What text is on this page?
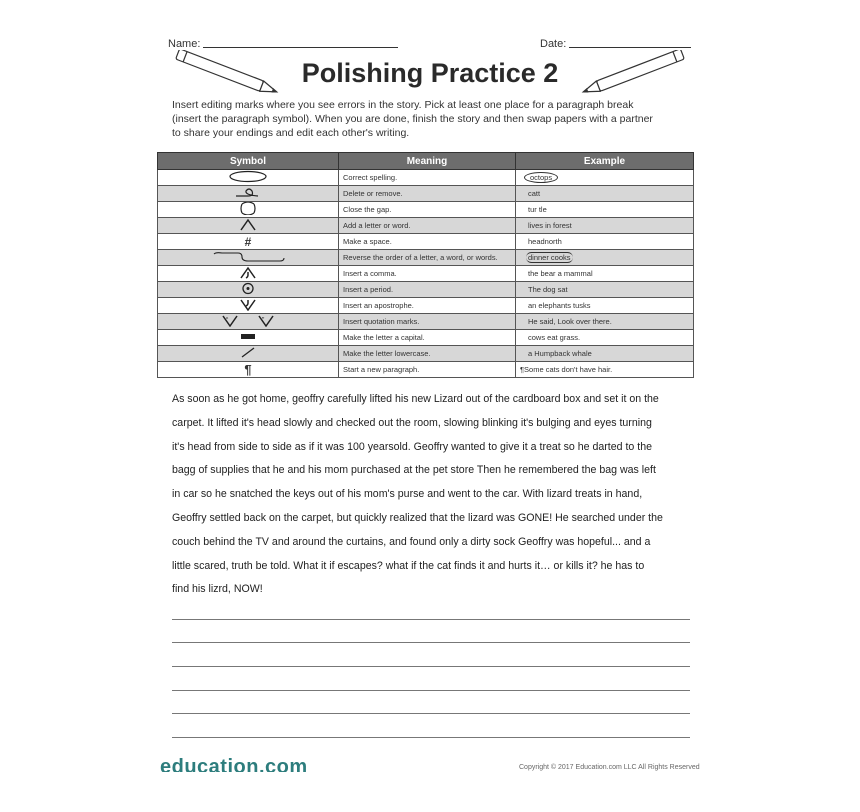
Name:	Date:
Polishing Practice 2
Insert editing marks where you see errors in the story. Pick at least one place for a paragraph break
(insert the paragraph symbol). When you are done, finish the story and then swap papers with a partner
to share your endings and edit each other's writing.
Symbol	Meaning	Example
	Correct spelling.	octops
	Delete or remove.	catt
	Close the gap.	tur tle
	Add a letter or word.	lives in forest
#	Make a space.	headnorth
	Reverse the order of a letter, a word, or words.	dinner cooks
	Insert a comma.	the bear a mammal
	Insert a period.	The dog sat
	Insert an apostrophe.	an elephants tusks

“ ”	Insert quotation marks.	He said, Look over there.
	Make the letter a capital.	cows eat grass.
	Make the letter lowercase.	a Humpback whale
¶	Start a new paragraph.	¶Some cats don't have hair.

As soon as he got home, geoffry carefully lifted his new Lizard out of the cardboard box and set it on the

carpet. It lifted it's head slowly and checked out the room, slowing blinking it's bulging and eyes turning

it's head from side to side as if it was 100 yearsold. Geoffry wanted to give it a treat so he darted to the

bagg of supplies that he and his mom purchased at the pet store Then he remembered the bag was left

in car so he snatched the keys out of his mom's purse and went to the car. With lizard treats in hand,

Geoffry settled back on the carpet, but quickly realized that the lizard was GONE! He searched under the

couch behind the TV and around the curtains, and found only a dirty sock Geoffry was hopeful... and a

little scared, truth be told. What it if escapes? what if the cat finds it and hurts it… or kills it? he has to

find his lizrd, NOW!

education.com	Copyright © 2017 Education.com LLC All Rights Reserved
